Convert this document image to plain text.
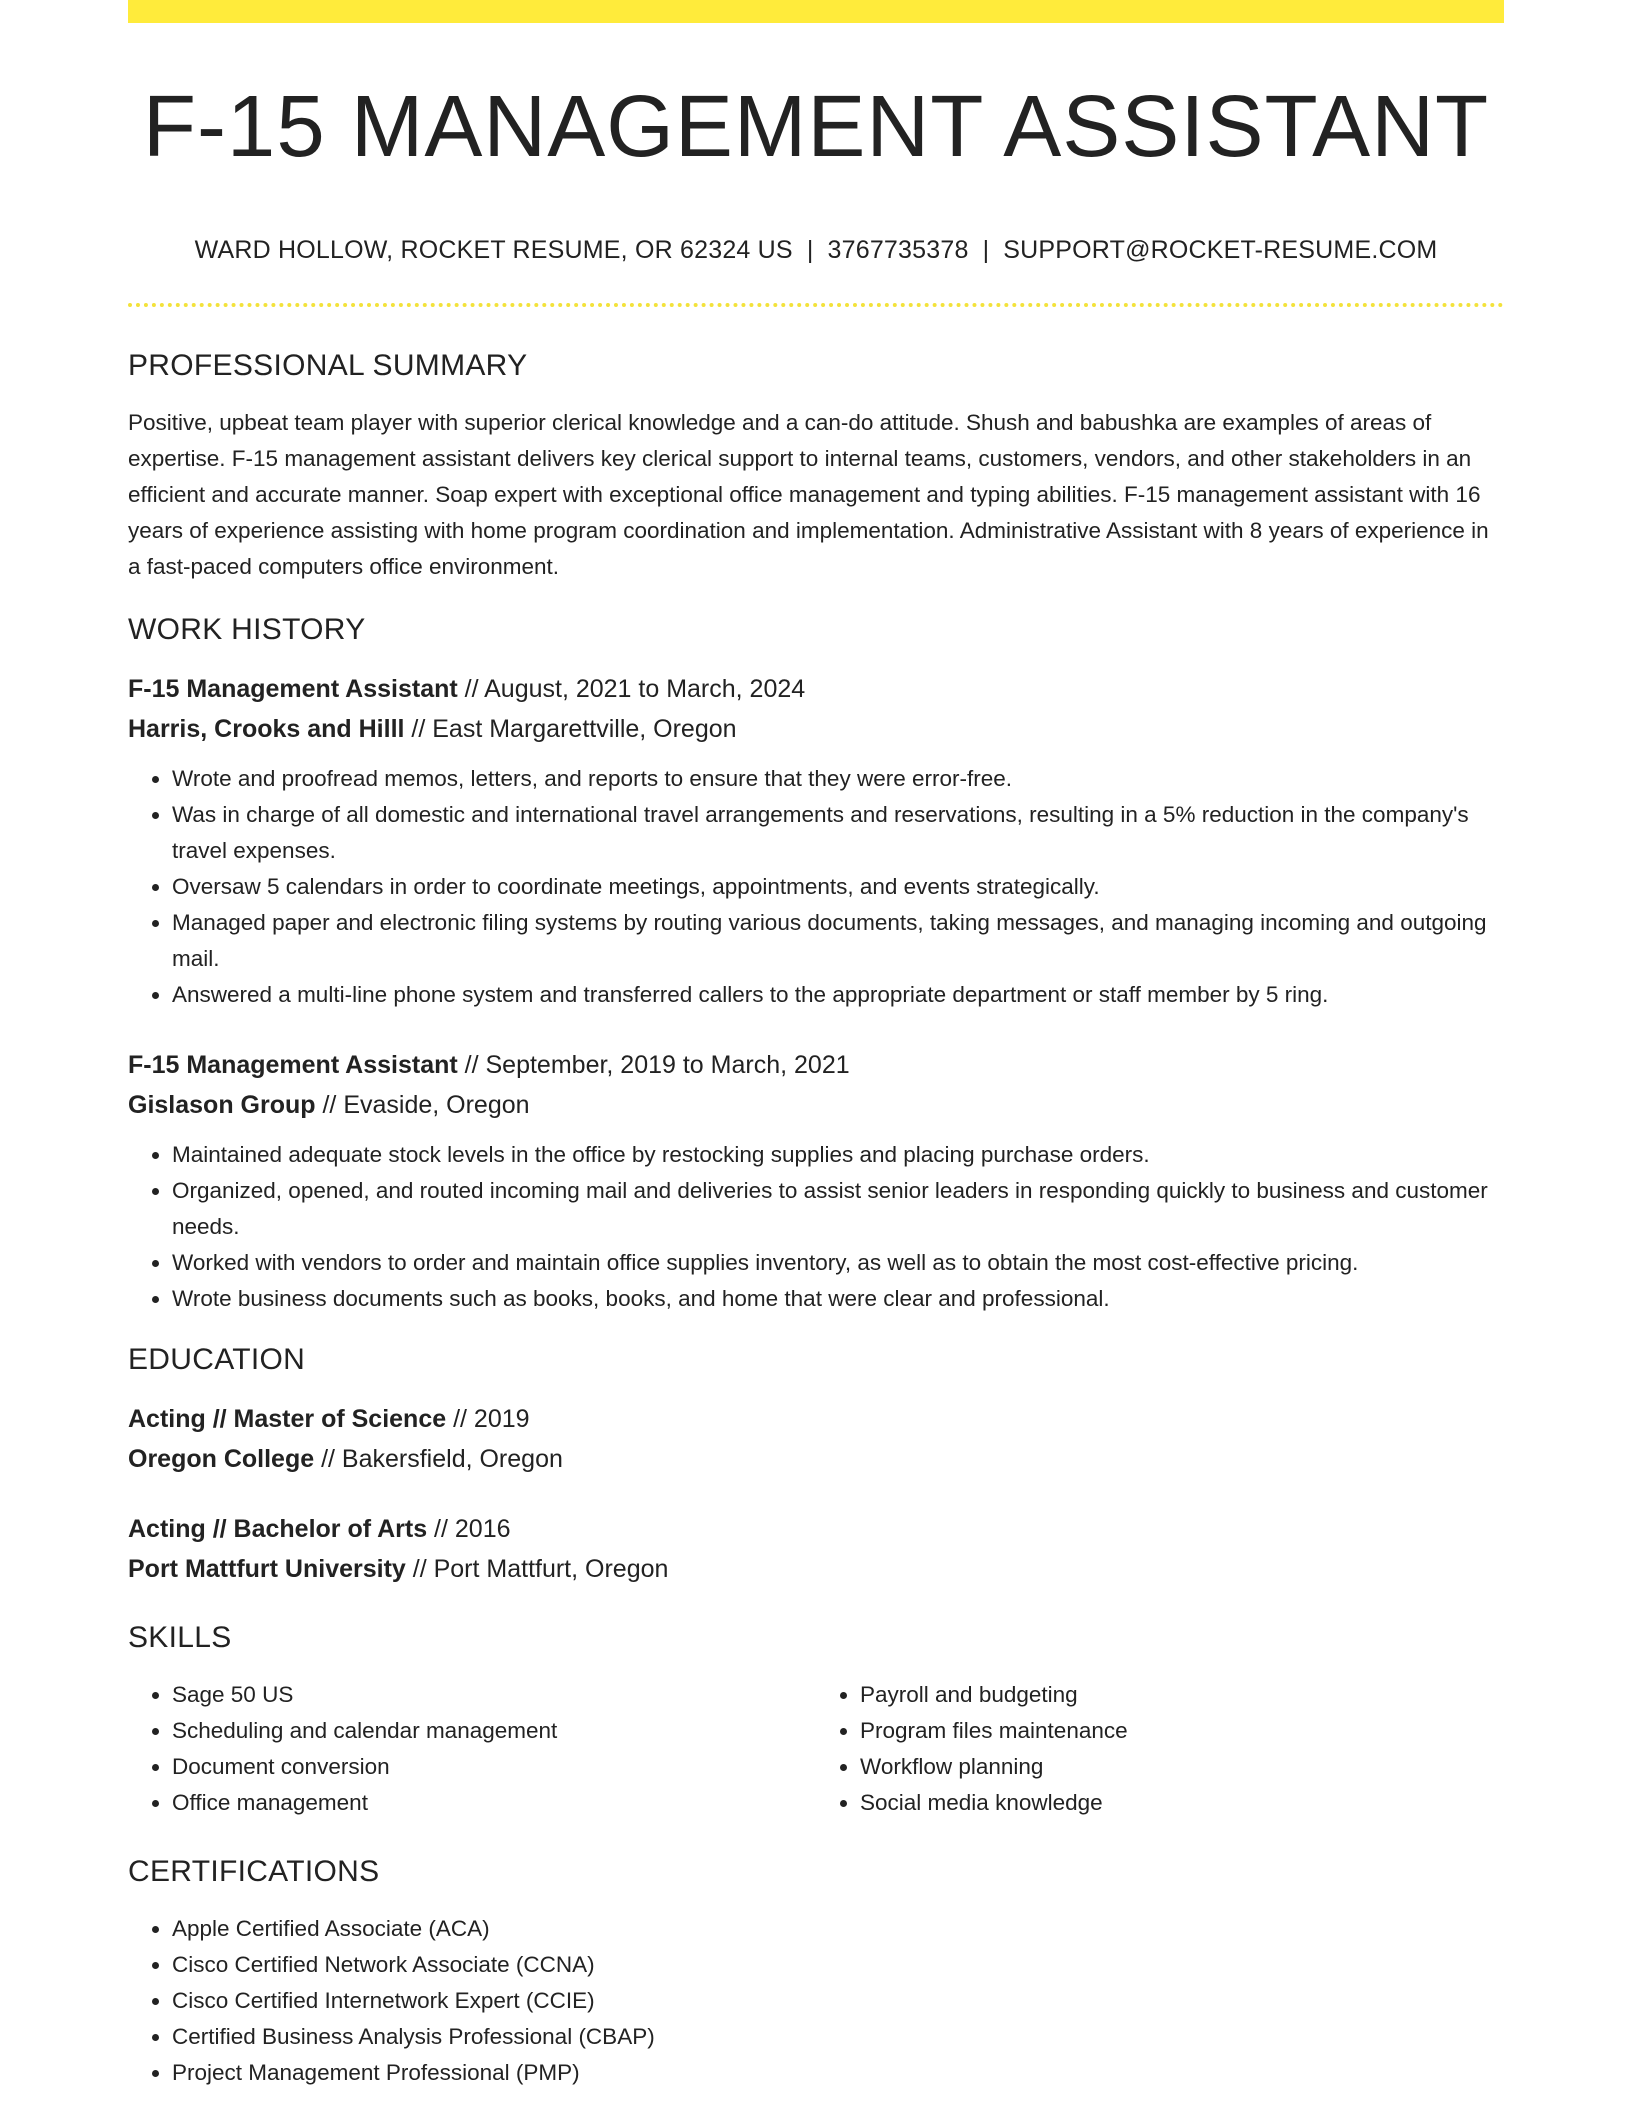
F-15 MANAGEMENT ASSISTANT
WARD HOLLOW, ROCKET RESUME, OR 62324 US | 3767735378 | SUPPORT@ROCKET-RESUME.COM
PROFESSIONAL SUMMARY

Positive, upbeat team player with superior clerical knowledge and a can-do attitude. Shush and babushka are examples of areas of expertise. F-15 management assistant delivers key clerical support to internal teams, customers, vendors, and other stakeholders in an efficient and accurate manner. Soap expert with exceptional office management and typing abilities. F-15 management assistant with 16 years of experience assisting with home program coordination and implementation. Administrative Assistant with 8 years of experience in a fast-paced computers office environment.

WORK HISTORY
F-15 Management Assistant // August, 2021 to March, 2024
Harris, Crooks and Hilll // East Margarettville, Oregon
• Wrote and proofread memos, letters, and reports to ensure that they were error-free.
• Was in charge of all domestic and international travel arrangements and reservations, resulting in a 5% reduction in the company's travel expenses.
• Oversaw 5 calendars in order to coordinate meetings, appointments, and events strategically.
• Managed paper and electronic filing systems by routing various documents, taking messages, and managing incoming and outgoing mail.
• Answered a multi-line phone system and transferred callers to the appropriate department or staff member by 5 ring.
F-15 Management Assistant // September, 2019 to March, 2021
Gislason Group // Evaside, Oregon
• Maintained adequate stock levels in the office by restocking supplies and placing purchase orders.
• Organized, opened, and routed incoming mail and deliveries to assist senior leaders in responding quickly to business and customer needs.
• Worked with vendors to order and maintain office supplies inventory, as well as to obtain the most cost-effective pricing.
• Wrote business documents such as books, books, and home that were clear and professional.
EDUCATION
Acting // Master of Science // 2019
Oregon College // Bakersfield, Oregon
Acting // Bachelor of Arts // 2016
Port Mattfurt University // Port Mattfurt, Oregon
SKILLS
• Sage 50 US
• Scheduling and calendar management
• Document conversion
• Office management
• Payroll and budgeting
• Program files maintenance
• Workflow planning
• Social media knowledge
CERTIFICATIONS
• Apple Certified Associate (ACA)
• Cisco Certified Network Associate (CCNA)
• Cisco Certified Internetwork Expert (CCIE)
• Certified Business Analysis Professional (CBAP)
• Project Management Professional (PMP)
